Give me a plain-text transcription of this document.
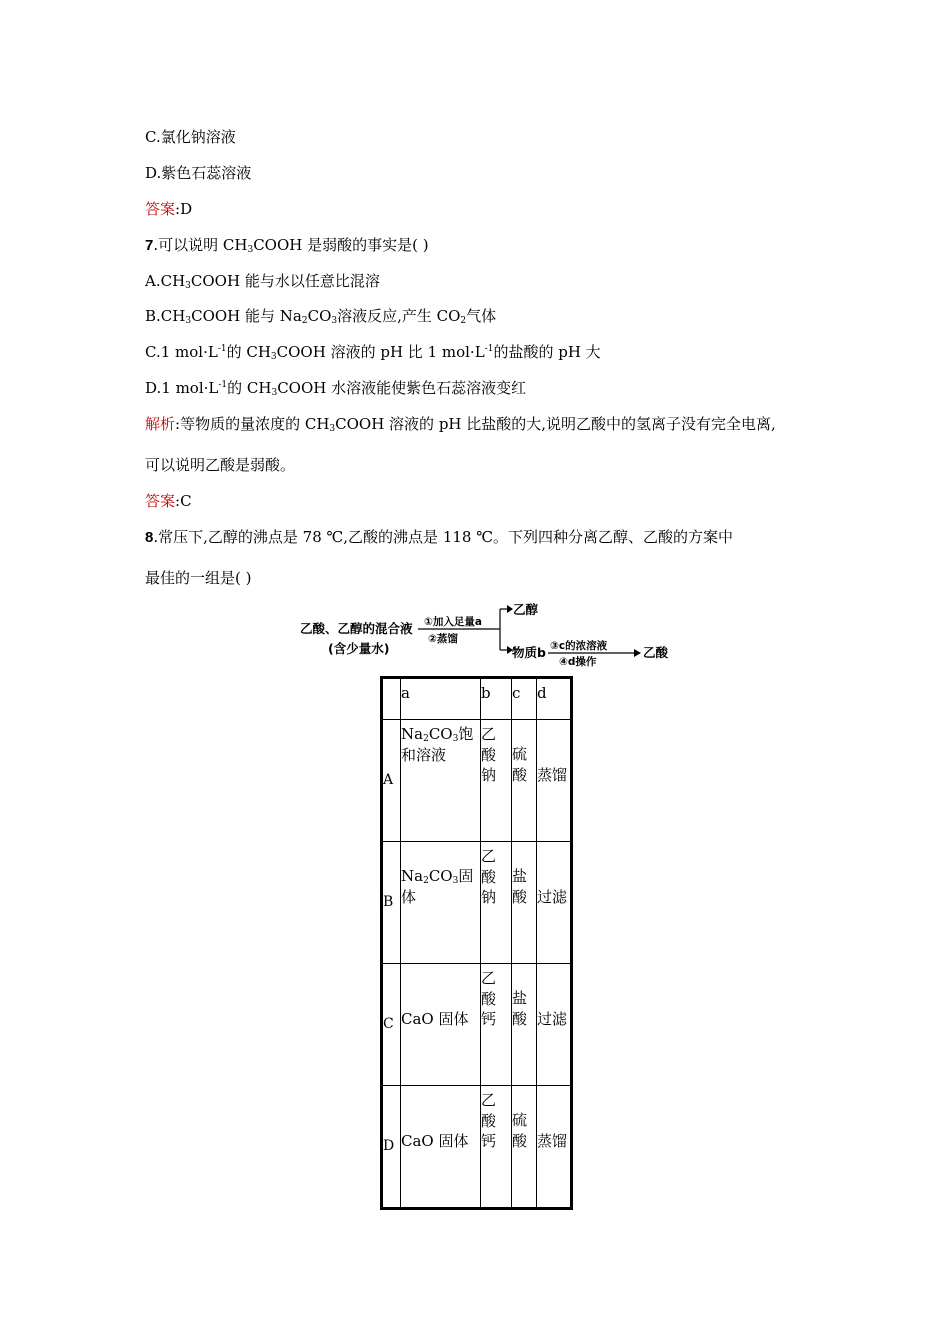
C.氯化钠溶液
D.紫色石蕊溶液
答案:D
7.可以说明 $CH_3COOH$ 是弱酸的事实是( )
$A.CH_3COOH$ 能与水以任意比混溶
$B.CH_3COOH$ 能与 $Na_2CO_3$溶液反应,产生 $CO_2$气体
C.1 $mol\cdot L^{-1}$的 $CH_3COOH$ 溶液的 pH 比 1 $mol\cdot L^{-1}$的盐酸的 pH 大
D.1 $mol\cdot L^{-1}$的 $CH_3COOH$ 水溶液能使紫色石蕊溶液变红
解析:等物质的量浓度的 $CH_3COOH$ 溶液的 pH 比盐酸的大,说明乙酸中的氢离子没有完全电离,
可以说明乙酸是弱酸。
答案:C
8.常压下,乙醇的沸点是 78 ℃,乙酸的沸点是 118 ℃。下列四种分离乙醇、乙酸的方案中
最佳的一组是( )
乙酸、乙醇的混合液
(含少量水)
①加入足量a
②蒸馏
乙醇
物质b ③c的浓溶液
④d操作
乙酸

	a	b	c	d

A	$Na_2CO_3$饱
和溶液	乙酸钠	硫酸	蒸馏

B	$Na_2CO_3$固
体	乙酸钠	盐酸	过滤

C	CaO 固体	乙酸钙	盐酸	过滤

D	CaO 固体	乙酸钙	硫酸	蒸馏
